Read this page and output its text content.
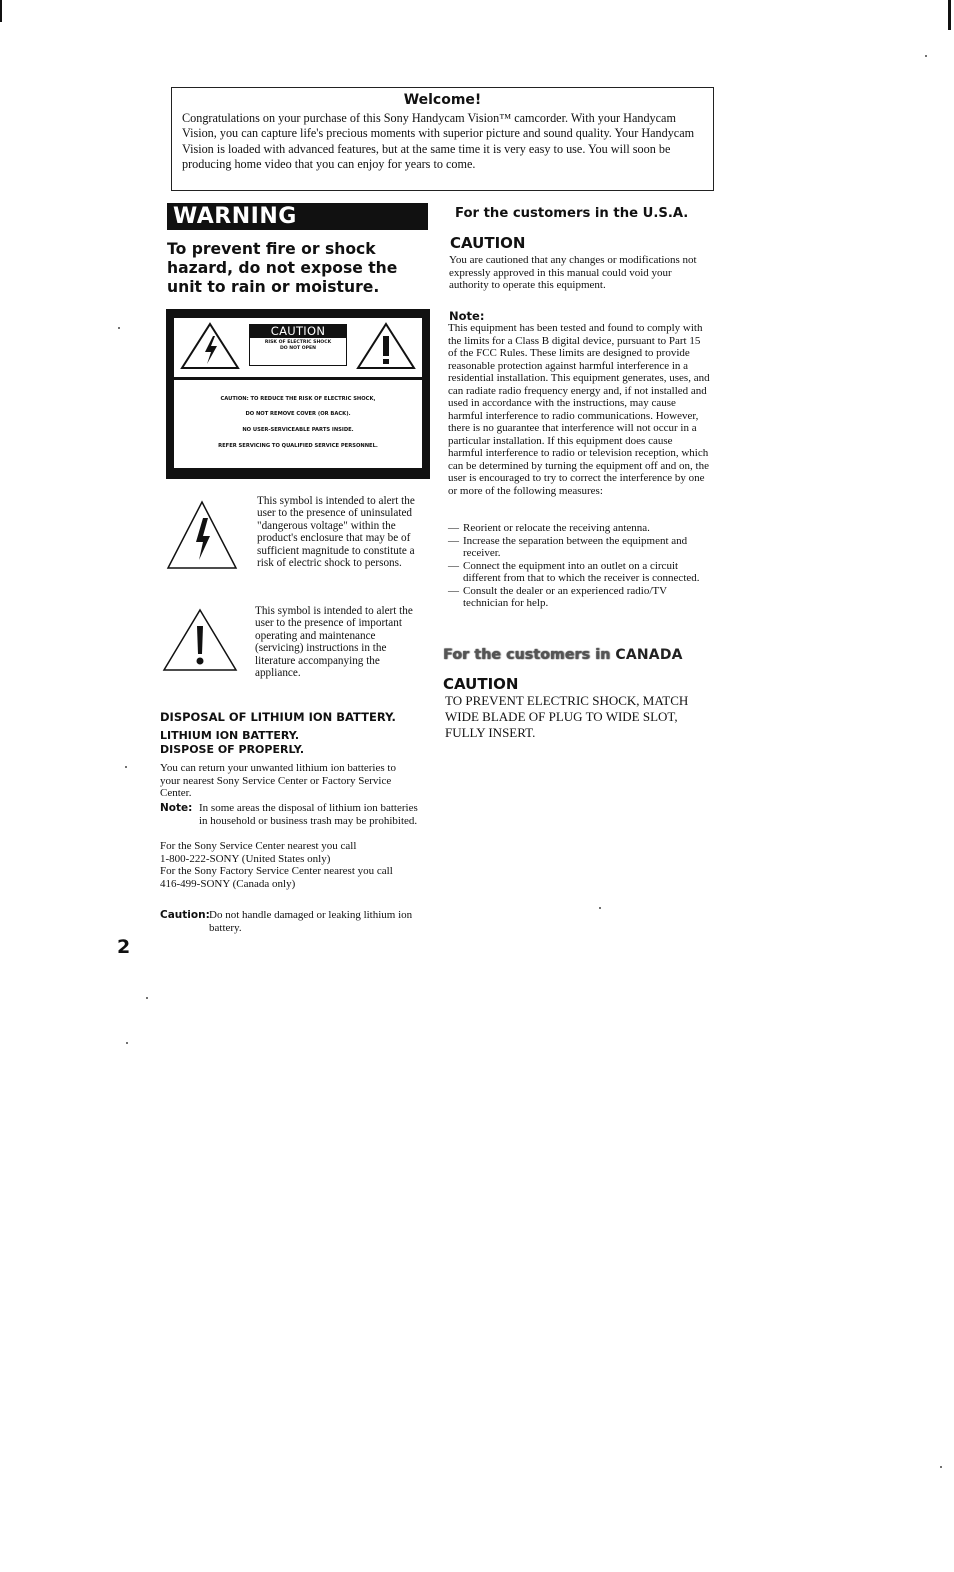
Welcome!
Congratulations on your purchase of this Sony Handycam Vision™ camcorder. With your Handycam Vision, you can capture life's precious moments with superior picture and sound quality. Your Handycam Vision is loaded with advanced features, but at the same time it is very easy to use. You will soon be producing home video that you can enjoy for years to come.
WARNING
To prevent fire or shock hazard, do not expose the unit to rain or moisture.
CAUTION
RISK OF ELECTRIC SHOCK
DO NOT OPEN
CAUTION: TO REDUCE THE RISK OF ELECTRIC SHOCK,
DO NOT REMOVE COVER (OR BACK).
NO USER-SERVICEABLE PARTS INSIDE.
REFER SERVICING TO QUALIFIED SERVICE PERSONNEL.
This symbol is intended to alert the user to the presence of uninsulated "dangerous voltage" within the product's enclosure that may be of sufficient magnitude to constitute a risk of electric shock to persons.
This symbol is intended to alert the user to the presence of important operating and maintenance (servicing) instructions in the literature accompanying the appliance.
DISPOSAL OF LITHIUM ION BATTERY.
LITHIUM ION BATTERY.
DISPOSE OF PROPERLY.
You can return your unwanted lithium ion batteries to your nearest Sony Service Center or Factory Service Center.
Note: In some areas the disposal of lithium ion batteries in household or business trash may be prohibited.
For the Sony Service Center nearest you call
1-800-222-SONY (United States only)
For the Sony Factory Service Center nearest you call
416-499-SONY (Canada only)
Caution: Do not handle damaged or leaking lithium ion battery.
2
For the customers in the U.S.A.
CAUTION
You are cautioned that any changes or modifications not expressly approved in this manual could void your authority to operate this equipment.
Note:
This equipment has been tested and found to comply with the limits for a Class B digital device, pursuant to Part 15 of the FCC Rules. These limits are designed to provide reasonable protection against harmful interference in a residential installation. This equipment generates, uses, and can radiate radio frequency energy and, if not installed and used in accordance with the instructions, may cause harmful interference to radio communications. However, there is no guarantee that interference will not occur in a particular installation. If this equipment does cause harmful interference to radio or television reception, which can be determined by turning the equipment off and on, the user is encouraged to try to correct the interference by one or more of the following measures:
— Reorient or relocate the receiving antenna.
— Increase the separation between the equipment and receiver.
— Connect the equipment into an outlet on a circuit different from that to which the receiver is connected.
— Consult the dealer or an experienced radio/TV technician for help.
For the customers in CANADA
CAUTION
TO PREVENT ELECTRIC SHOCK, MATCH WIDE BLADE OF PLUG TO WIDE SLOT, FULLY INSERT.
